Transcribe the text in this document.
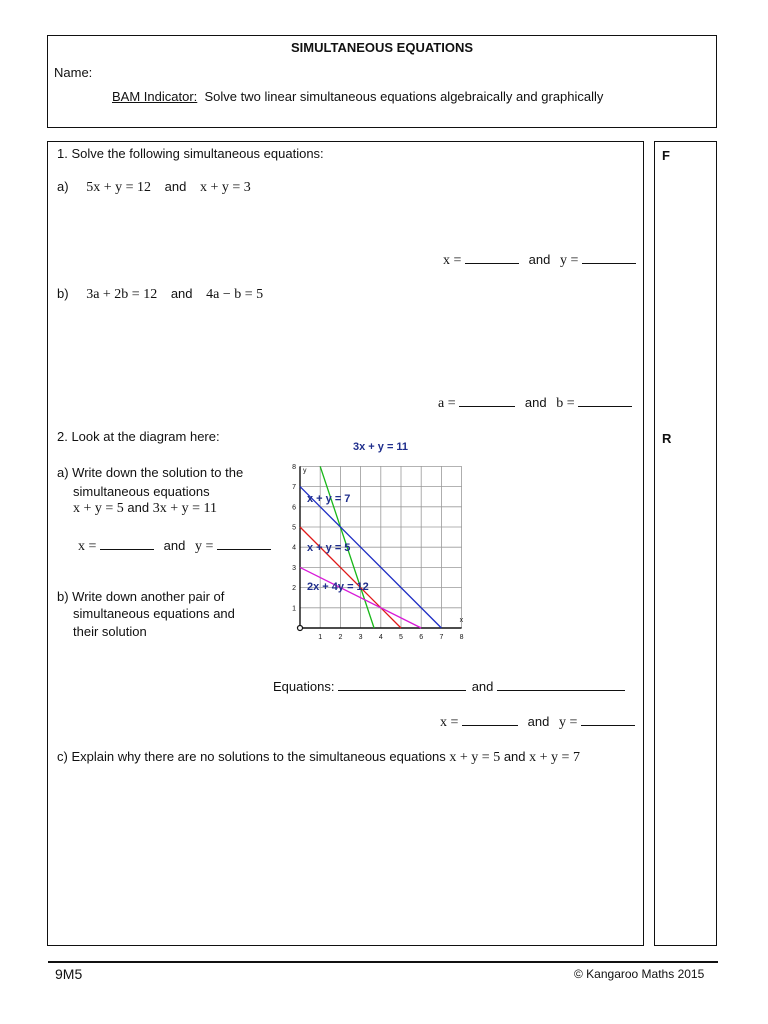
SIMULTANEOUS EQUATIONS
Name:
BAM Indicator: Solve two linear simultaneous equations algebraically and graphically
F
R
1. Solve the following simultaneous equations:
a) 5x + y = 12 and x + y = 3
x =	and y =
b) 3a + 2b = 12 and 4a − b = 5
a =	and b =
2. Look at the diagram here:
a) Write down the solution to the
simultaneous equations
x + y = 5 and 3x + y = 11
x =	and y =
b) Write down another pair of
simultaneous equations and
their solution	1 2 3 4 5 6 7 8
1
2
3
4
5
6
7
8
x
y
3x + y = 11
x + y = 7
x + y = 5
2x + 4y = 12
Equations:	and
x =	and y =
c) Explain why there are no solutions to the simultaneous equations x + y = 5 and x + y = 7
9M5	© Kangaroo Maths 2015
